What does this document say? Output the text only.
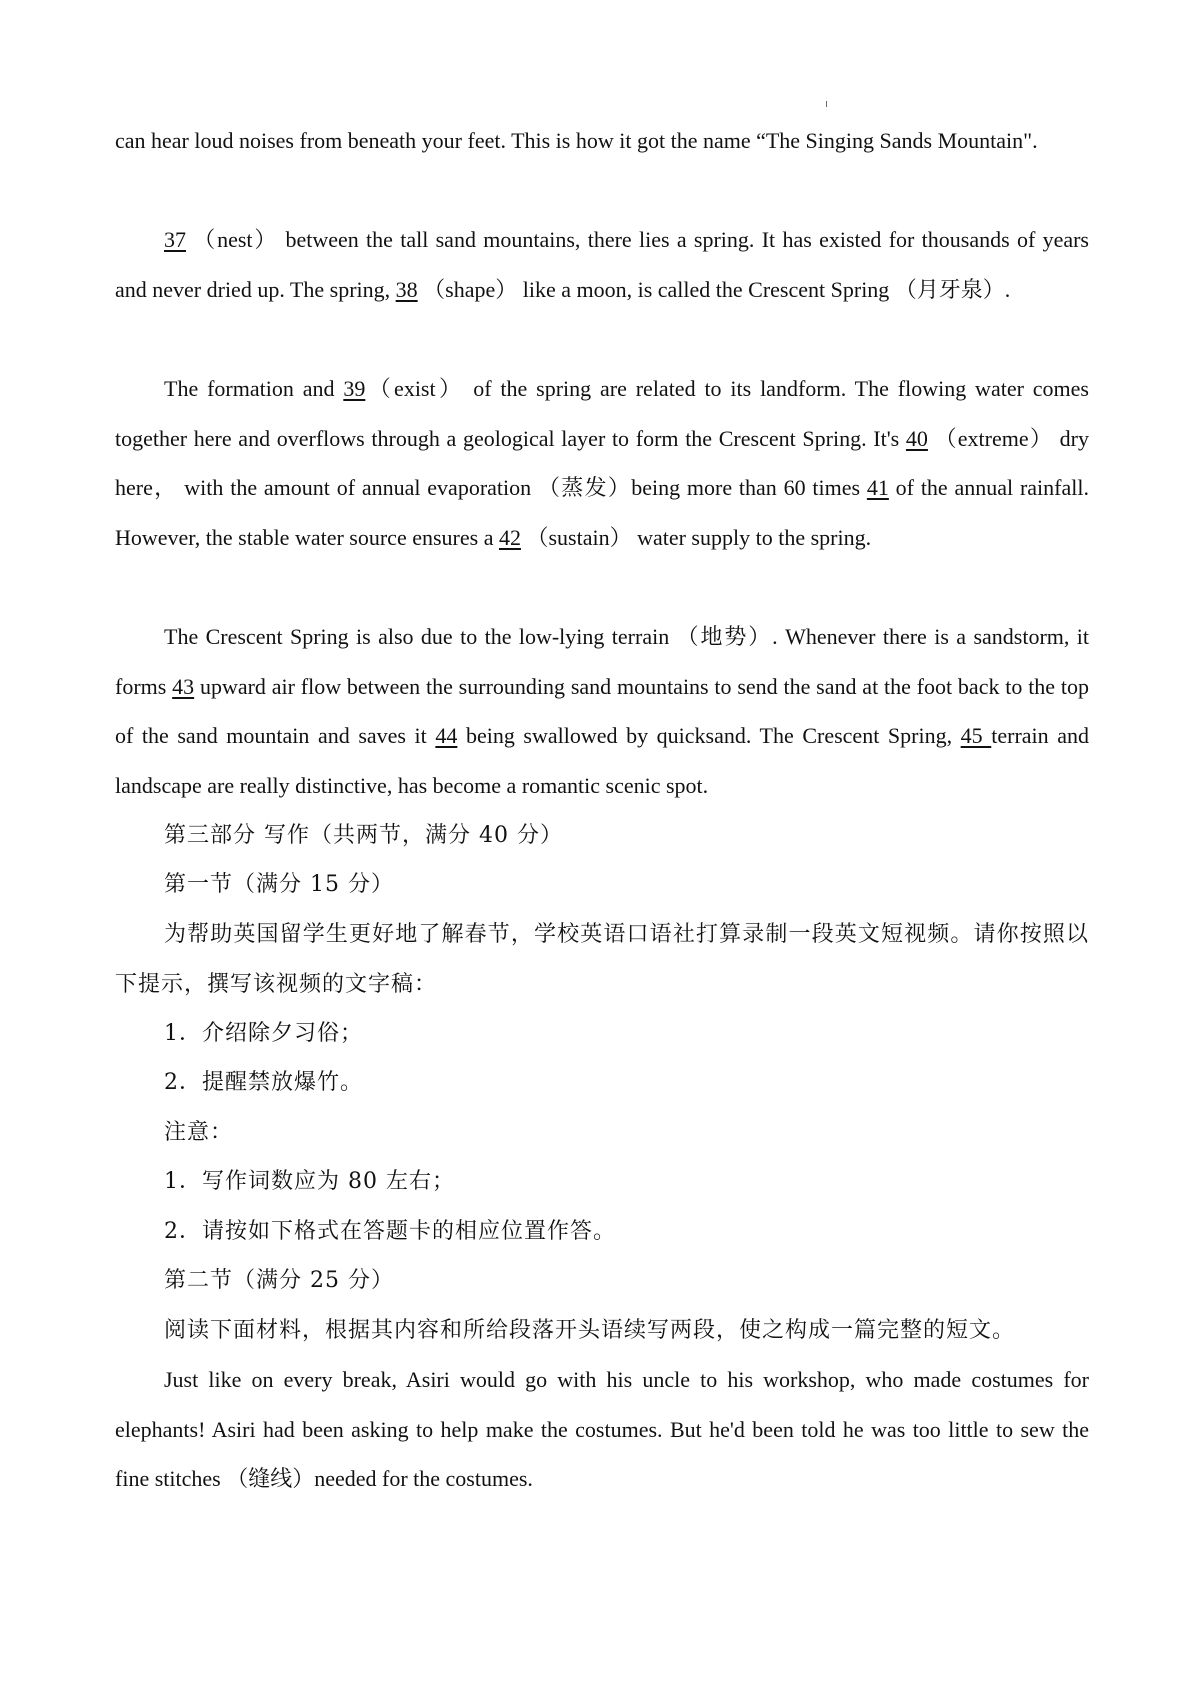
can hear loud noises from beneath your feet. This is how it got the name “The Singing Sands Mountain".

37 （nest） between the tall sand mountains, there lies a spring. It has existed for thousands of years and never dried up. The spring, 38 （shape） like a moon, is called the Crescent Spring （月牙泉）.

The formation and 39（exist） of the spring are related to its landform. The flowing water comes together here and overflows through a geological layer to form the Crescent Spring. It's 40 （extreme） dry here， with the amount of annual evaporation （蒸发）being more than 60 times 41 of the annual rainfall. However, the stable water source ensures a 42 （sustain） water supply to the spring.

The Crescent Spring is also due to the low-lying terrain （地势）. Whenever there is a sandstorm, it forms 43 upward air flow between the surrounding sand mountains to send the sand at the foot back to the top of the sand mountain and saves it 44 being swallowed by quicksand. The Crescent Spring, 45 terrain and landscape are really distinctive, has become a romantic scenic spot.

第三部分 写作（共两节，满分 40 分）

第一节（满分 15 分）

为帮助英国留学生更好地了解春节，学校英语口语社打算录制一段英文短视频。请你按照以下提示，撰写该视频的文字稿：

1．介绍除夕习俗；

2．提醒禁放爆竹。

注意：

1．写作词数应为 80 左右；

2．请按如下格式在答题卡的相应位置作答。

第二节（满分 25 分）

阅读下面材料，根据其内容和所给段落开头语续写两段，使之构成一篇完整的短文。

Just like on every break, Asiri would go with his uncle to his workshop, who made costumes for elephants! Asiri had been asking to help make the costumes. But he'd been told he was too little to sew the fine stitches （缝线）needed for the costumes.
